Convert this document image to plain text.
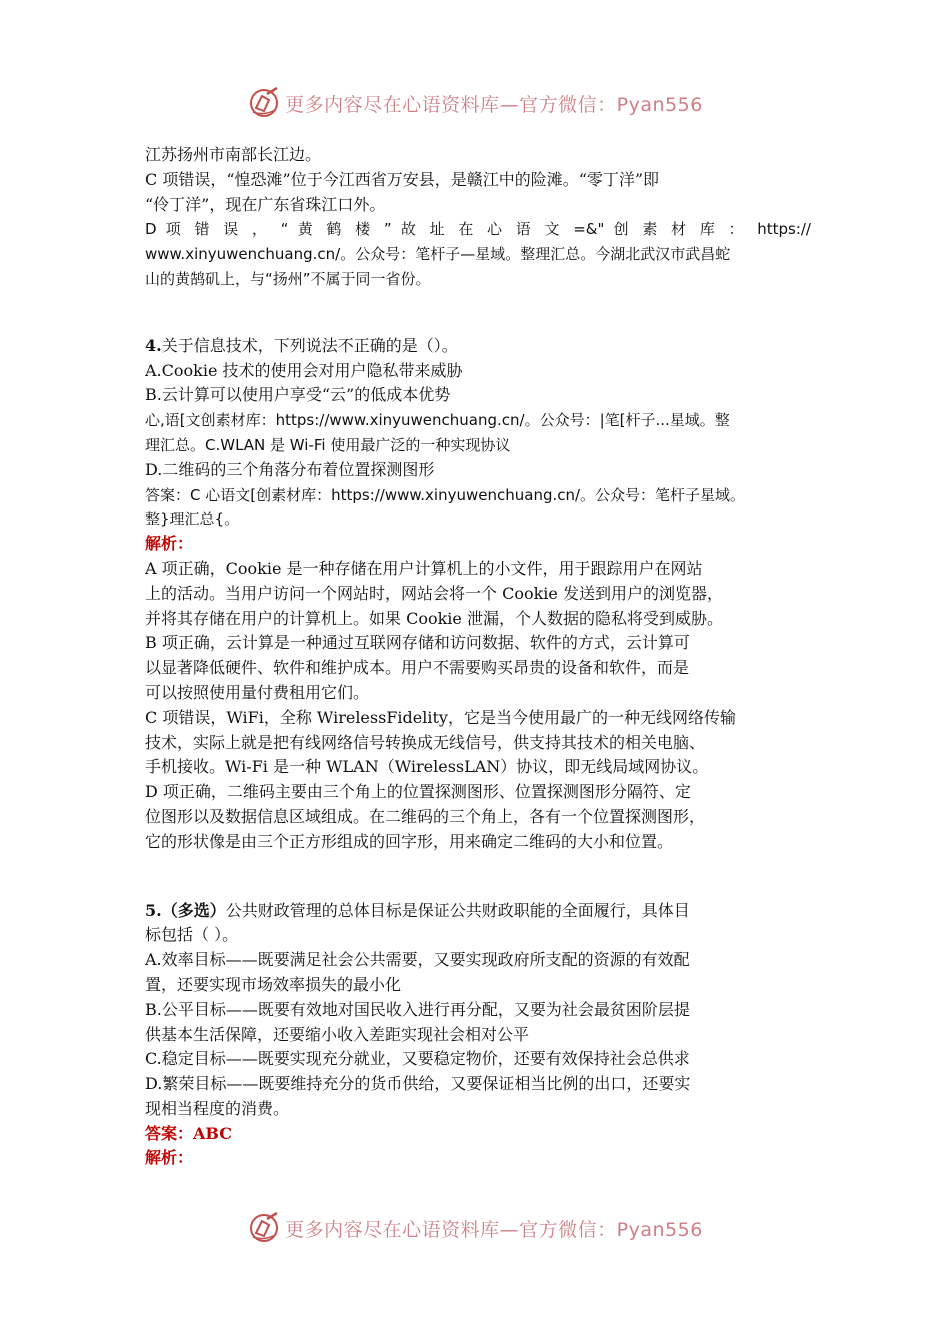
更多内容尽在心语资料库—官方微信：Pyan556
江苏扬州市南部长江边。
C 项错误，“惶恐滩”位于今江西省万安县，是赣江中的险滩。“零丁洋”即
“伶丁洋”，现在广东省珠江口外。
D 项 错 误 ， “ 黄 鹤 楼 ” 故 址 在 心 语 文 =&" 创 素 材 库 ： https://
www.xinyuwenchuang.cn/。公众号：笔杆子—星域。整理汇总。今湖北武汉市武昌蛇
山的黄鹄矶上，与“扬州”不属于同一省份。
4.关于信息技术，下列说法不正确的是（）。
A.Cookie 技术的使用会对用户隐私带来威胁
B.云计算可以使用户享受“云”的低成本优势
心,语[文创素材库：https://www.xinyuwenchuang.cn/。公众号：|笔[杆子...星域。整
理汇总。C.WLAN 是 Wi-Fi 使用最广泛的一种实现协议
D.二维码的三个角落分布着位置探测图形
答案：C 心语文[创素材库：https://www.xinyuwenchuang.cn/。公众号：笔杆子星域。
整}理汇总{。
解析：
A 项正确，Cookie 是一种存储在用户计算机上的小文件，用于跟踪用户在网站
上的活动。当用户访问一个网站时，网站会将一个 Cookie 发送到用户的浏览器，
并将其存储在用户的计算机上。如果 Cookie 泄漏，个人数据的隐私将受到威胁。
B 项正确，云计算是一种通过互联网存储和访问数据、软件的方式，云计算可
以显著降低硬件、软件和维护成本。用户不需要购买昂贵的设备和软件，而是
可以按照使用量付费租用它们。
C 项错误，WiFi，全称 WirelessFidelity，它是当今使用最广的一种无线网络传输
技术，实际上就是把有线网络信号转换成无线信号，供支持其技术的相关电脑、
手机接收。Wi-Fi 是一种 WLAN（WirelessLAN）协议，即无线局域网协议。
D 项正确，二维码主要由三个角上的位置探测图形、位置探测图形分隔符、定
位图形以及数据信息区域组成。在二维码的三个角上，各有一个位置探测图形，
它的形状像是由三个正方形组成的回字形，用来确定二维码的大小和位置。
5.（多选）公共财政管理的总体目标是保证公共财政职能的全面履行，具体目
标包括（ ）。
A.效率目标——既要满足社会公共需要，又要实现政府所支配的资源的有效配
置，还要实现市场效率损失的最小化
B.公平目标——既要有效地对国民收入进行再分配，又要为社会最贫困阶层提
供基本生活保障，还要缩小收入差距实现社会相对公平
C.稳定目标——既要实现充分就业，又要稳定物价，还要有效保持社会总供求
D.繁荣目标——既要维持充分的货币供给，又要保证相当比例的出口，还要实
现相当程度的消费。
答案：ABC
解析：
更多内容尽在心语资料库—官方微信：Pyan556
